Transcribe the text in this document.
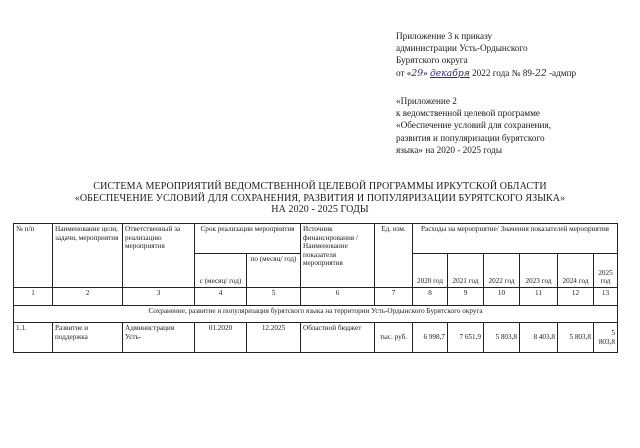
Приложение 3 к приказу
администрации Усть-Ордынского
Бурятского округа
от «29» декабря 2022 года № 89-22 -адмпр
«Приложение 2
к ведомственной целевой программе
«Обеспечение условий для сохранения,
развития и популяризации бурятского
языка» на 2020 - 2025 годы
СИСТЕМА МЕРОПРИЯТИЙ ВЕДОМСТВЕННОЙ ЦЕЛЕВОЙ ПРОГРАММЫ ИРКУТСКОЙ ОБЛАСТИ
«ОБЕСПЕЧЕНИЕ УСЛОВИЙ ДЛЯ СОХРАНЕНИЯ, РАЗВИТИЯ И ПОПУЛЯРИЗАЦИИ БУРЯТСКОГО ЯЗЫКА»
НА 2020 - 2025 ГОДЫ
№ п/п	Наименование цели, задачи, мероприятия	Ответственный за реализацию мероприятия	Срок реализации мероприятия		Источник финансирования / Наименование показателя мероприятия	Ед. изм.	Расходы на мероприятие/ Значения показателей мероприятия					
			с (месяц/ год)	по (месяц/ год)			2020 год	2021 год	2022 год	2023 год	2024 год	2025 год
1	2	3	4	5	6	7	8	9	10	11	12	13
Сохранение, развитие и популяризация бурятского языка на территории Усть-Ордынского Бурятского округа												
1.1.	Развитие и поддержка	Администрация Усть-	01.2020	12.2025	Областной бюджет	тыс. руб.	6 998,7	7 651,9	5 803,8	8 403,8	5 803,8	5 803,8
